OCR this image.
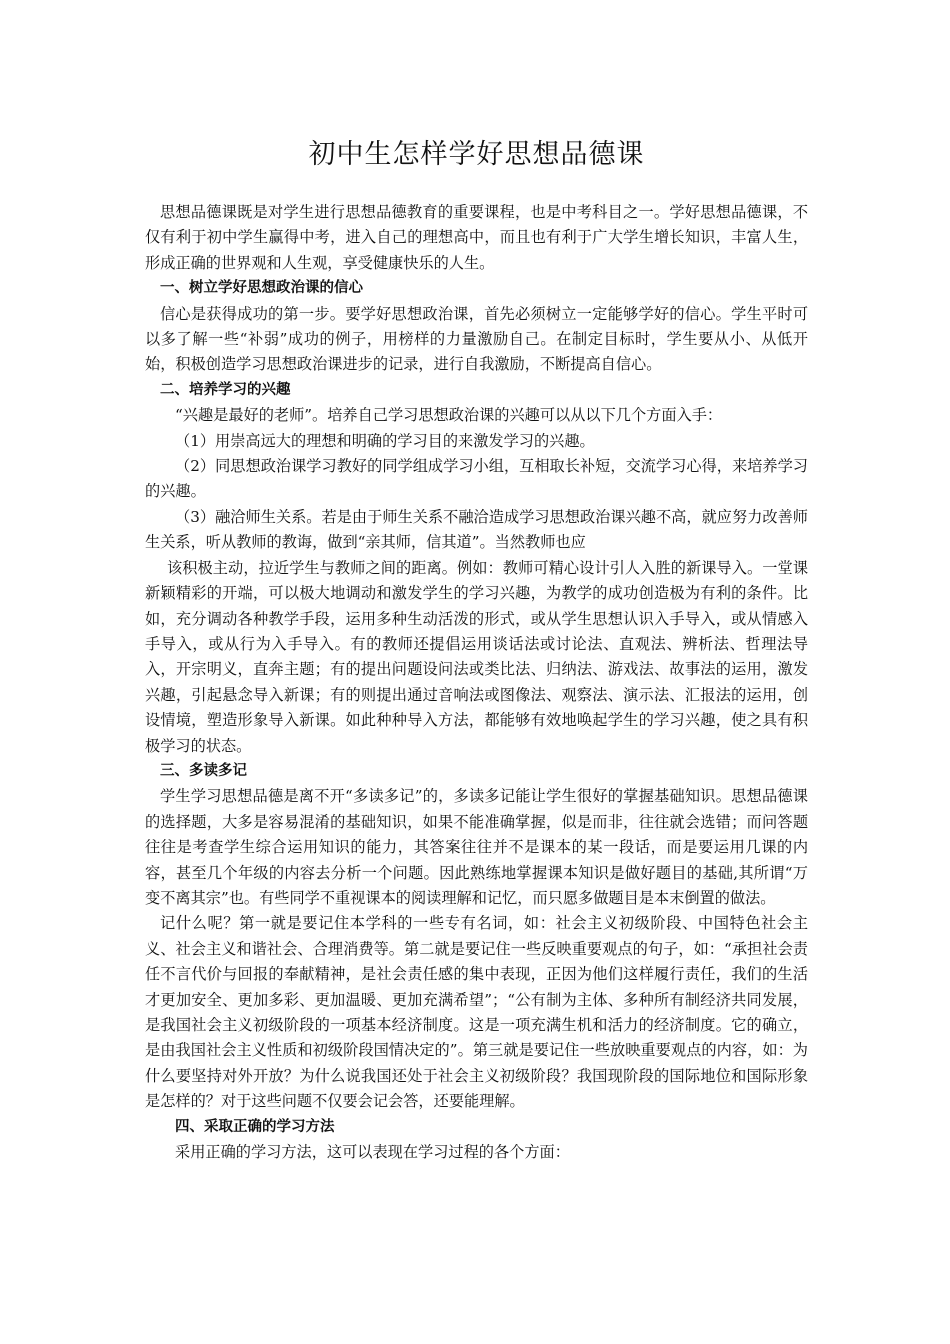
初中生怎样学好思想品德课

思想品德课既是对学生进行思想品德教育的重要课程，也是中考科目之一。学好思想品德课，不仅有利于初中学生赢得中考，进入自己的理想高中，而且也有利于广大学生增长知识，丰富人生，形成正确的世界观和人生观，享受健康快乐的人生。

一、树立学好思想政治课的信心

信心是获得成功的第一步。要学好思想政治课，首先必须树立一定能够学好的信心。学生平时可以多了解一些“补弱”成功的例子，用榜样的力量激励自己。在制定目标时，学生要从小、从低开始，积极创造学习思想政治课进步的记录，进行自我激励，不断提高自信心。

二、培养学习的兴趣

“兴趣是最好的老师”。培养自己学习思想政治课的兴趣可以从以下几个方面入手：

（1）用崇高远大的理想和明确的学习目的来激发学习的兴趣。

（2）同思想政治课学习教好的同学组成学习小组，互相取长补短，交流学习心得，来培养学习的兴趣。

（3）融洽师生关系。若是由于师生关系不融洽造成学习思想政治课兴趣不高，就应努力改善师生关系，听从教师的教诲，做到“亲其师，信其道”。当然教师也应

该积极主动，拉近学生与教师之间的距离。例如：教师可精心设计引人入胜的新课导入。一堂课新颖精彩的开端，可以极大地调动和激发学生的学习兴趣，为教学的成功创造极为有利的条件。比如，充分调动各种教学手段，运用多种生动活泼的形式，或从学生思想认识入手导入，或从情感入手导入，或从行为入手导入。有的教师还提倡运用谈话法或讨论法、直观法、辨析法、哲理法导入，开宗明义，直奔主题；有的提出问题设问法或类比法、归纳法、游戏法、故事法的运用，激发兴趣，引起悬念导入新课；有的则提出通过音响法或图像法、观察法、演示法、汇报法的运用，创设情境，塑造形象导入新课。如此种种导入方法，都能够有效地唤起学生的学习兴趣，使之具有积极学习的状态。

三、多读多记

学生学习思想品德是离不开“多读多记”的，多读多记能让学生很好的掌握基础知识。思想品德课的选择题，大多是容易混淆的基础知识，如果不能准确掌握，似是而非，往往就会选错；而问答题往往是考查学生综合运用知识的能力，其答案往往并不是课本的某一段话，而是要运用几课的内容，甚至几个年级的内容去分析一个问题。因此熟练地掌握课本知识是做好题目的基础,其所谓“万变不离其宗”也。有些同学不重视课本的阅读理解和记忆，而只愿多做题目是本末倒置的做法。

记什么呢？第一就是要记住本学科的一些专有名词，如：社会主义初级阶段、中国特色社会主义、社会主义和谐社会、合理消费等。第二就是要记住一些反映重要观点的句子，如：“承担社会责任不言代价与回报的奉献精神，是社会责任感的集中表现，正因为他们这样履行责任，我们的生活才更加安全、更加多彩、更加温暖、更加充满希望”；“公有制为主体、多种所有制经济共同发展，是我国社会主义初级阶段的一项基本经济制度。这是一项充满生机和活力的经济制度。它的确立，是由我国社会主义性质和初级阶段国情决定的”。第三就是要记住一些放映重要观点的内容，如：为什么要坚持对外开放？为什么说我国还处于社会主义初级阶段？我国现阶段的国际地位和国际形象是怎样的？对于这些问题不仅要会记会答，还要能理解。

四、采取正确的学习方法

采用正确的学习方法，这可以表现在学习过程的各个方面：
